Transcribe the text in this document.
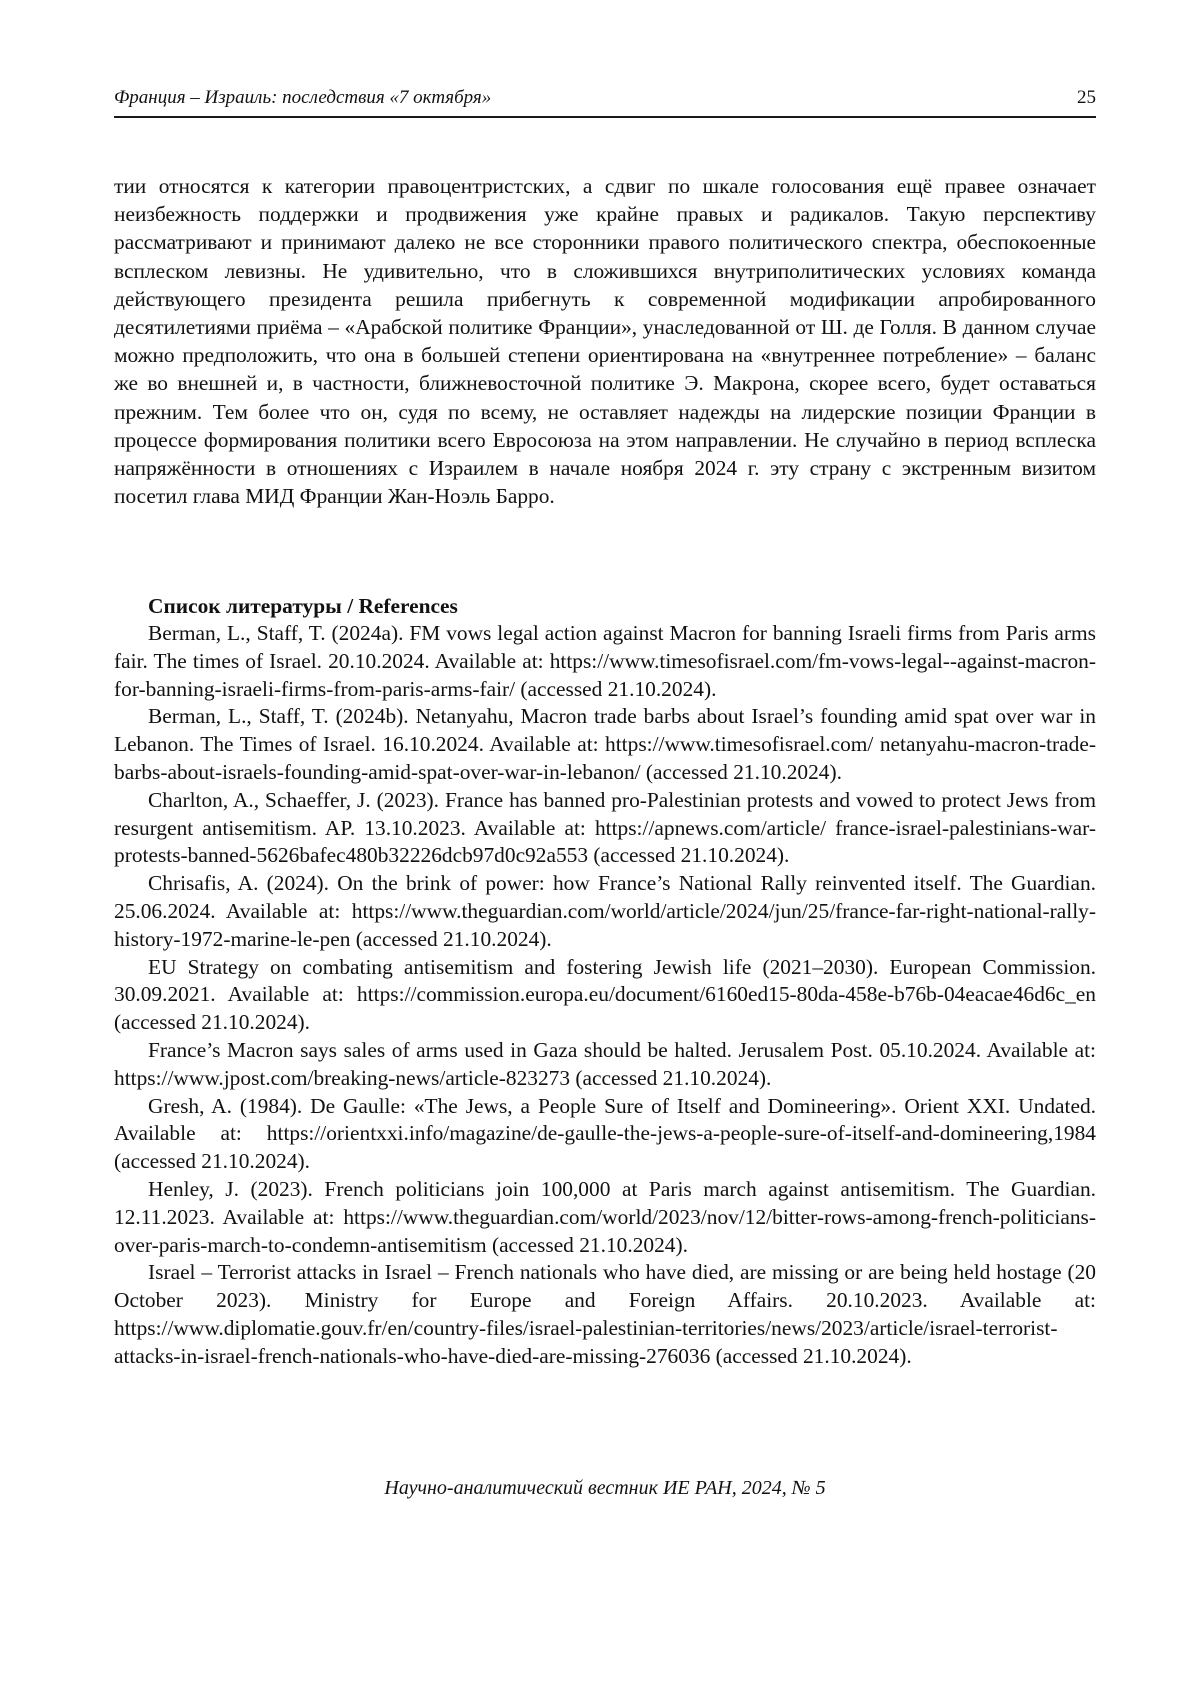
Франция – Израиль: последствия «7 октября»	25

тии относятся к категории правоцентристских, а сдвиг по шкале голосования ещё правее означает неизбежность поддержки и продвижения уже крайне правых и радикалов. Такую перспективу рассматривают и принимают далеко не все сторонники правого политического спектра, обеспокоенные всплеском левизны. Не удивительно, что в сложившихся внутриполитических условиях команда действующего президента решила прибегнуть к современной модификации апробированного десятилетиями приёма – «Арабской политике Франции», унаследованной от Ш. де Голля. В данном случае можно предположить, что она в большей степени ориентирована на «внутреннее потребление» – баланс же во внешней и, в частности, ближневосточной политике Э. Макрона, скорее всего, будет оставаться прежним. Тем более что он, судя по всему, не оставляет надежды на лидерские позиции Франции в процессе формирования политики всего Евросоюза на этом направлении. Не случайно в период всплеска напряжённости в отношениях с Израилем в начале ноября 2024 г. эту страну с экстренным визитом посетил глава МИД Франции Жан-Ноэль Барро.

Список литературы / References
Berman, L., Staff, T. (2024a). FM vows legal action against Macron for banning Israeli firms from Paris arms fair. The times of Israel. 20.10.2024. Available at: https://www.timesofisrael.com/fm-vows-legal--against-macron-for-banning-israeli-firms-from-paris-arms-fair/ (accessed 21.10.2024).
Berman, L., Staff, T. (2024b). Netanyahu, Macron trade barbs about Israel’s founding amid spat over war in Lebanon. The Times of Israel. 16.10.2024. Available at: https://www.timesofisrael.com/ netanyahu-macron-trade-barbs-about-israels-founding-amid-spat-over-war-in-lebanon/ (accessed 21.10.2024).
Charlton, A., Schaeffer, J. (2023). France has banned pro-Palestinian protests and vowed to protect Jews from resurgent antisemitism. AP. 13.10.2023. Available at: https://apnews.com/article/ france-israel-palestinians-war-protests-banned-5626bafec480b32226dcb97d0c92a553 (accessed 21.10.2024).
Chrisafis, A. (2024). On the brink of power: how France’s National Rally reinvented itself. The Guardian. 25.06.2024. Available at: https://www.theguardian.com/world/article/2024/jun/25/france-far-right-national-rally-history-1972-marine-le-pen (accessed 21.10.2024).
EU Strategy on combating antisemitism and fostering Jewish life (2021–2030). European Commission. 30.09.2021. Available at: https://commission.europa.eu/document/6160ed15-80da-458e-b76b-04eacae46d6c_en (accessed 21.10.2024).
France’s Macron says sales of arms used in Gaza should be halted. Jerusalem Post. 05.10.2024. Available at: https://www.jpost.com/breaking-news/article-823273 (accessed 21.10.2024).
Gresh, A. (1984). De Gaulle: «The Jews, a People Sure of Itself and Domineering». Orient XXI. Undated. Available at: https://orientxxi.info/magazine/de-gaulle-the-jews-a-people-sure-of-itself-and-domineering,1984 (accessed 21.10.2024).
Henley, J. (2023). French politicians join 100,000 at Paris march against antisemitism. The Guardian. 12.11.2023. Available at: https://www.theguardian.com/world/2023/nov/12/bitter-rows-among-french-politicians-over-paris-march-to-condemn-antisemitism (accessed 21.10.2024).
Israel – Terrorist attacks in Israel – French nationals who have died, are missing or are being held hostage (20 October 2023). Ministry for Europe and Foreign Affairs. 20.10.2023. Available at: https://www.diplomatie.gouv.fr/en/country-files/israel-palestinian-territories/news/2023/article/israel-terrorist-attacks-in-israel-french-nationals-who-have-died-are-missing-276036 (accessed 21.10.2024).
Научно-аналитический вестник ИЕ РАН, 2024, № 5
